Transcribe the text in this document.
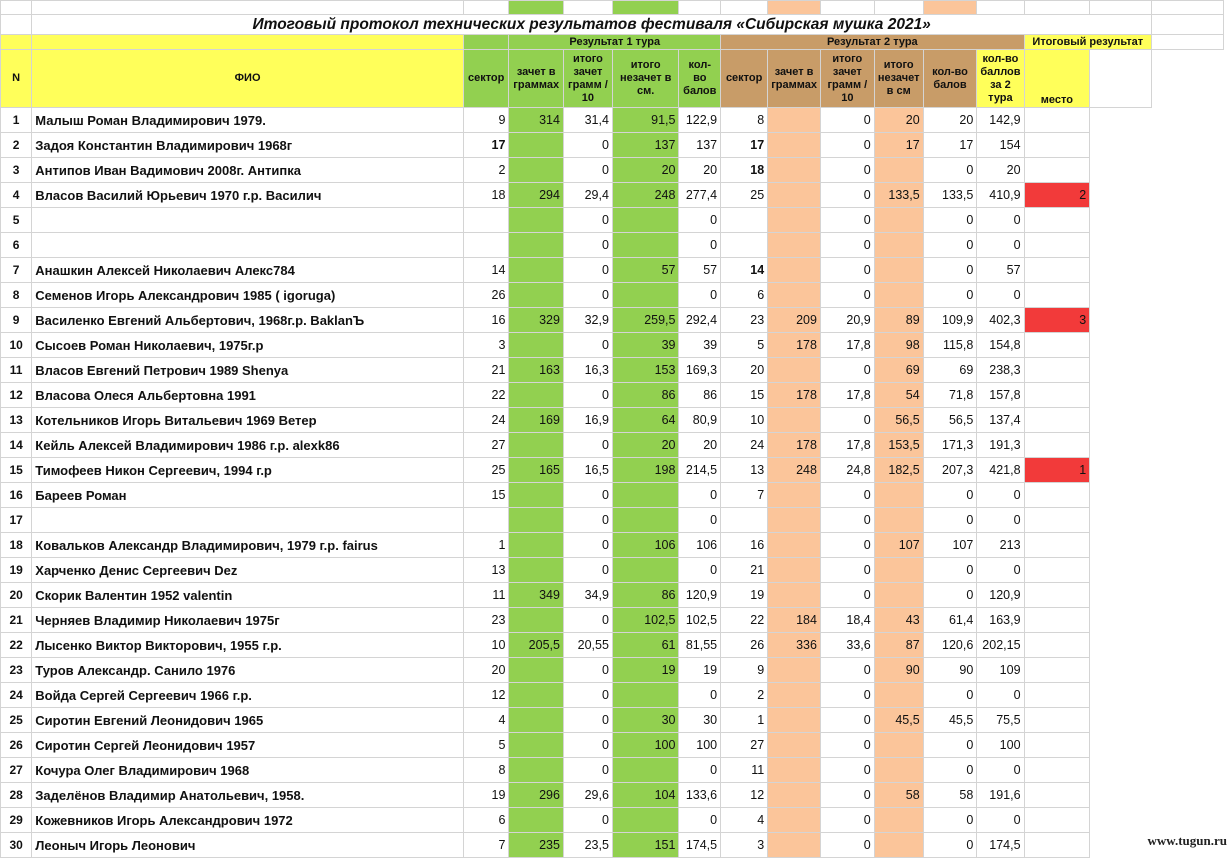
	Итоговый протокол технических результатов фестиваля «Сибирская мушка 2021»															
			Результат 1 тура				Результат 2 тура						Итоговый результат			
N	ФИО	сектор	зачет в граммах	итого зачет грамм / 10	итого незачет в см.	кол-во балов	сектор	зачет в граммах	итого зачет грамм / 10	итого незачет в см	кол-во балов	кол-во баллов за 2 тура	место			
1	Малыш Роман Владимирович 1979.	9	314	31,4	91,5	122,9	8		0	20	20	142,9				
2	Задоя Константин Владимирович 1968г	17		0	137	137	17		0	17	17	154				
3	Антипов Иван Вадимович 2008г. Антипка	2		0	20	20	18		0		0	20				
4	Власов Василий Юрьевич 1970 г.р. Василич	18	294	29,4	248	277,4	25		0	133,5	133,5	410,9	2			
5				0		0			0		0	0				
6				0		0			0		0	0				
7	Анашкин Алексей Николаевич Алекс784	14		0	57	57	14		0		0	57				
8	Семенов Игорь Александрович 1985 ( igoruga)	26		0		0	6		0		0	0				
9	Василенко Евгений Альбертович, 1968г.р. BaklanЪ	16	329	32,9	259,5	292,4	23	209	20,9	89	109,9	402,3	3			
10	Сысоев Роман Николаевич, 1975г.р	3		0	39	39	5	178	17,8	98	115,8	154,8				
11	Власов Евгений Петрович 1989 Shenya	21	163	16,3	153	169,3	20		0	69	69	238,3				
12	Власова Олеся Альбертовна 1991	22		0	86	86	15	178	17,8	54	71,8	157,8				
13	Котельников Игорь Витальевич 1969 Ветер	24	169	16,9	64	80,9	10		0	56,5	56,5	137,4				
14	Кейль Алексей Владимирович 1986 г.р. alexk86	27		0	20	20	24	178	17,8	153,5	171,3	191,3				
15	Тимофеев Никон Сергеевич, 1994 г.р	25	165	16,5	198	214,5	13	248	24,8	182,5	207,3	421,8	1			
16	Бареев Роман	15		0		0	7		0		0	0				
17				0		0			0		0	0				
18	Ковальков Александр Владимирович, 1979 г.р. fairus	1		0	106	106	16		0	107	107	213				
19	Харченко Денис Сергеевич Dez	13		0		0	21		0		0	0				
20	Скорик Валентин 1952 valentin	11	349	34,9	86	120,9	19		0		0	120,9				
21	Черняев Владимир Николаевич 1975г	23		0	102,5	102,5	22	184	18,4	43	61,4	163,9				
22	Лысенко Виктор Викторович, 1955 г.р.	10	205,5	20,55	61	81,55	26	336	33,6	87	120,6	202,15				
23	Туров Александр. Санило 1976	20		0	19	19	9		0	90	90	109				
24	Войда Сергей Сергеевич 1966 г.р.	12		0		0	2		0		0	0				
25	Сиротин Евгений Леонидович 1965	4		0	30	30	1		0	45,5	45,5	75,5				
26	Сиротин Сергей Леонидович 1957	5		0	100	100	27		0		0	100				
27	Кочура Олег Владимирович 1968	8		0		0	11		0		0	0				
28	Заделёнов Владимир Анатольевич, 1958.	19	296	29,6	104	133,6	12		0	58	58	191,6				
29	Кожевников Игорь Александрович 1972	6		0		0	4		0		0	0				
30	Леоныч Игорь Леонович	7	235	23,5	151	174,5	3		0		0	174,5					www.tugun.ru
